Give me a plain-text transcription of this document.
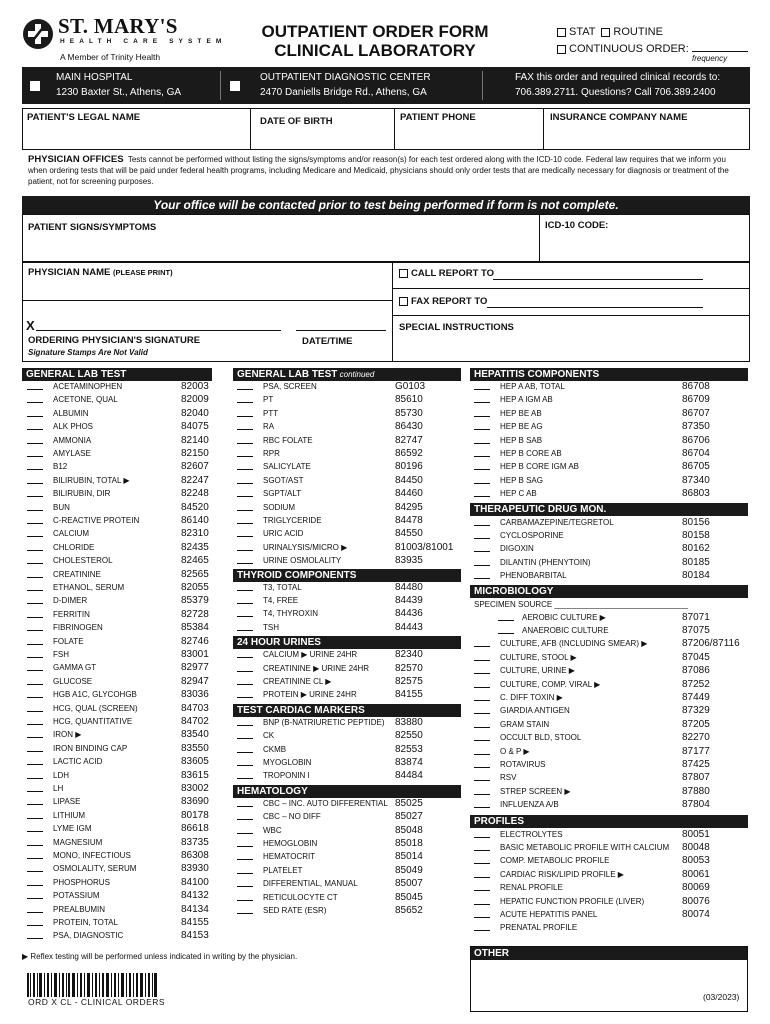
ST. MARY'S
HEALTH CARE SYSTEM
A Member of Trinity Health
OUTPATIENT ORDER FORM
CLINICAL LABORATORY
STAT ROUTINE
CONTINUOUS ORDER:
frequency
MAIN HOSPITAL
1230 Baxter St., Athens, GA
OUTPATIENT DIAGNOSTIC CENTER
2470 Daniells Bridge Rd., Athens, GA
FAX this order and required clinical records to:
706.389.2711. Questions? Call 706.389.2400
PATIENT'S LEGAL NAME	DATE OF BIRTH	PATIENT PHONE	INSURANCE COMPANY NAME
PHYSICIAN OFFICES Tests cannot be performed without listing the signs/symptoms and/or reason(s) for each test ordered along with the ICD-10 code. Federal law requires that we inform you when ordering tests that will be paid under federal health programs, including Medicare and Medicaid, physicians should only order tests that are medically necessary for diagnosis or treatment of the patient, not for screening purposes.
Your office will be contacted prior to test being performed if form is not complete.
PATIENT SIGNS/SYMPTOMS	ICD-10 CODE:
PHYSICIAN NAME (PLEASE PRINT)	CALL REPORT TO
FAX REPORT TO
SPECIAL INSTRUCTIONS
X
ORDERING PHYSICIAN'S SIGNATURE	DATE/TIME
Signature Stamps Are Not Valid
GENERAL LAB TEST
ACETAMINOPHEN	82003
ACETONE, QUAL	82009
ALBUMIN	82040
ALK PHOS	84075
AMMONIA	82140
AMYLASE	82150
B12	82607
BILIRUBIN, TOTAL ▶	82247
BILIRUBIN, DIR	82248
BUN	84520
C-REACTIVE PROTEIN	86140
CALCIUM	82310
CHLORIDE	82435
CHOLESTEROL	82465
CREATININE	82565
ETHANOL, SERUM	82055
D-DIMER	85379
FERRITIN	82728
FIBRINOGEN	85384
FOLATE	82746
FSH	83001
GAMMA GT	82977
GLUCOSE	82947
HGB A1C, GLYCOHGB	83036
HCG, QUAL (SCREEN)	84703
HCG, QUANTITATIVE	84702
IRON ▶	83540
IRON BINDING CAP	83550
LACTIC ACID	83605
LDH	83615
LH	83002
LIPASE	83690
LITHIUM	80178
LYME IGM	86618
MAGNESIUM	83735
MONO, INFECTIOUS	86308
OSMOLALITY, SERUM	83930
PHOSPHORUS	84100
POTASSIUM	84132
PREALBUMIN	84134
PROTEIN, TOTAL	84155
PSA, DIAGNOSTIC	84153
GENERAL LAB TEST continued
PSA, SCREEN	G0103
PT	85610
PTT	85730
RA	86430
RBC FOLATE	82747
RPR	86592
SALICYLATE	80196
SGOT/AST	84450
SGPT/ALT	84460
SODIUM	84295
TRIGLYCERIDE	84478
URIC ACID	84550
URINALYSIS/MICRO ▶	81003/81001
URINE OSMOLALITY	83935
THYROID COMPONENTS
T3, TOTAL	84480
T4, FREE	84439
T4, THYROXIN	84436
TSH	84443
24 HOUR URINES
CALCIUM ▶ URINE 24HR	82340
CREATININE ▶ URINE 24HR	82570
CREATININE CL ▶	82575
PROTEIN ▶ URINE 24HR	84155
TEST CARDIAC MARKERS
BNP (B-NATRIURETIC PEPTIDE) 83880
CK	82550
CKMB	82553
MYOGLOBIN	83874
TROPONIN I	84484
HEMATOLOGY
CBC – INC. AUTO DIFFERENTIAL 85025
CBC – NO DIFF	85027
WBC	85048
HEMOGLOBIN	85018
HEMATOCRIT	85014
PLATELET	85049
DIFFERENTIAL, MANUAL	85007
RETICULOCYTE CT	85045
SED RATE (ESR)	85652
HEPATITIS COMPONENTS
HEP A AB, TOTAL	86708
HEP A IGM AB	86709
HEP BE AB	86707
HEP BE AG	87350
HEP B SAB	86706
HEP B CORE AB	86704
HEP B CORE IGM AB	86705
HEP B SAG	87340
HEP C AB	86803
THERAPEUTIC DRUG MON.
CARBAMAZEPINE/TEGRETOL	80156
CYCLOSPORINE	80158
DIGOXIN	80162
DILANTIN (PHENYTOIN)	80185
PHENOBARBITAL	80184
MICROBIOLOGY
SPECIMEN SOURCE ______________________________
AEROBIC CULTURE ▶	87071
ANAEROBIC CULTURE	87075
CULTURE, AFB (INCLUDING SMEAR) ▶	87206/87116
CULTURE, STOOL ▶	87045
CULTURE, URINE ▶	87086
CULTURE, COMP. VIRAL ▶	87252
C. DIFF TOXIN ▶	87449
GIARDIA ANTIGEN	87329
GRAM STAIN	87205
OCCULT BLD, STOOL	82270
O & P ▶	87177
ROTAVIRUS	87425
RSV	87807
STREP SCREEN ▶	87880
INFLUENZA A/B	87804
PROFILES
ELECTROLYTES	80051
BASIC METABOLIC PROFILE WITH CALCIUM 80048
COMP. METABOLIC PROFILE	80053
CARDIAC RISK/LIPID PROFILE ▶	80061
RENAL PROFILE	80069
HEPATIC FUNCTION PROFILE (LIVER)	80076
ACUTE HEPATITIS PANEL	80074
PRENATAL PROFILE
OTHER
▶ Reflex testing will be performed unless indicated in writing by the physician.
ORD X CL - CLINICAL ORDERS	(03/2023)
